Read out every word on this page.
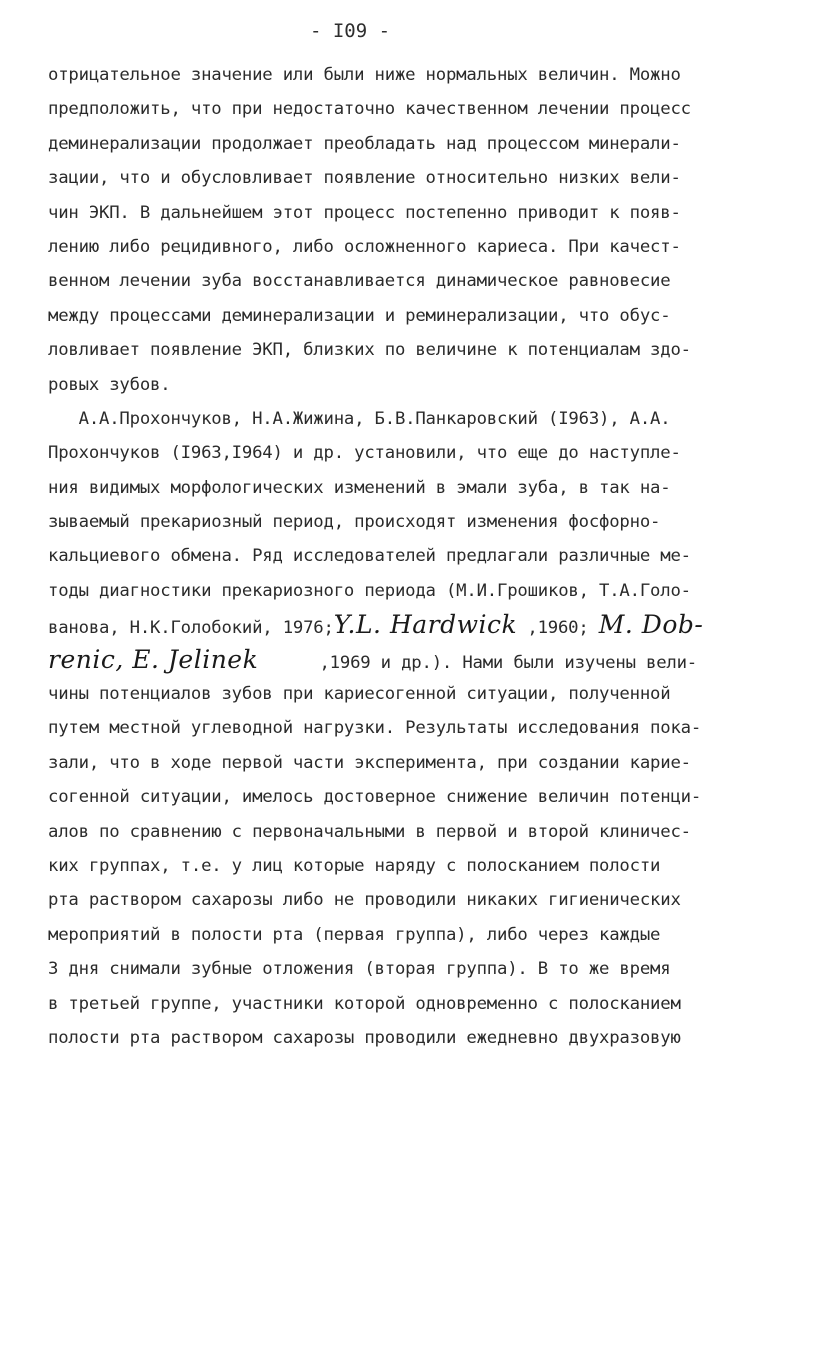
- I09 -
отрицательное значение или были ниже нормальных величин. Можно
предположить, что при недостаточно качественном лечении процесс
деминерализации продолжает преобладать над процессом минерали-
зации, что и обусловливает появление относительно низких вели-
чин ЭКП. В дальнейшем этот процесс постепенно приводит к появ-
лению либо рецидивного, либо осложненного кариеса. При качест-
венном лечении зуба восстанавливается динамическое равновесие
между процессами деминерализации и реминерализации, что обус-
ловливает появление ЭКП, близких по величине к потенциалам здо-
ровых зубов.
А.А.Прохончуков, Н.А.Жижина, Б.В.Панкаровский (I963), А.А.
Прохончуков (I963,I964) и др. установили, что еще до наступле-
ния видимых морфологических изменений в эмали зуба, в так на-
зываемый прекариозный период, происходят изменения фосфорно-
кальциевого обмена. Ряд исследователей предлагали различные ме-
тоды диагностики прекариозного периода (М.И.Грошиков, Т.А.Голо-
ванова, Н.К.Голобокий, 1976;Y.L. Hardwick ,1960; M. Dob-
renic, E. Jelinek      ,1969 и др.). Нами были изучены вели-
чины потенциалов зубов при кариесогенной ситуации, полученной
путем местной углеводной нагрузки. Результаты исследования пока-
зали, что в ходе первой части эксперимента, при создании карие-
согенной ситуации, имелось достоверное снижение величин потенци-
алов по сравнению с первоначальными в первой и второй клиничес-
ких группах, т.е. у лиц которые наряду с полосканием полости
рта раствором сахарозы либо не проводили никаких гигиенических
мероприятий в полости рта (первая группа), либо через каждые
3 дня снимали зубные отложения (вторая группа). В то же время
в третьей группе, участники которой одновременно с полосканием
полости рта раствором сахарозы проводили ежедневно двухразовую
